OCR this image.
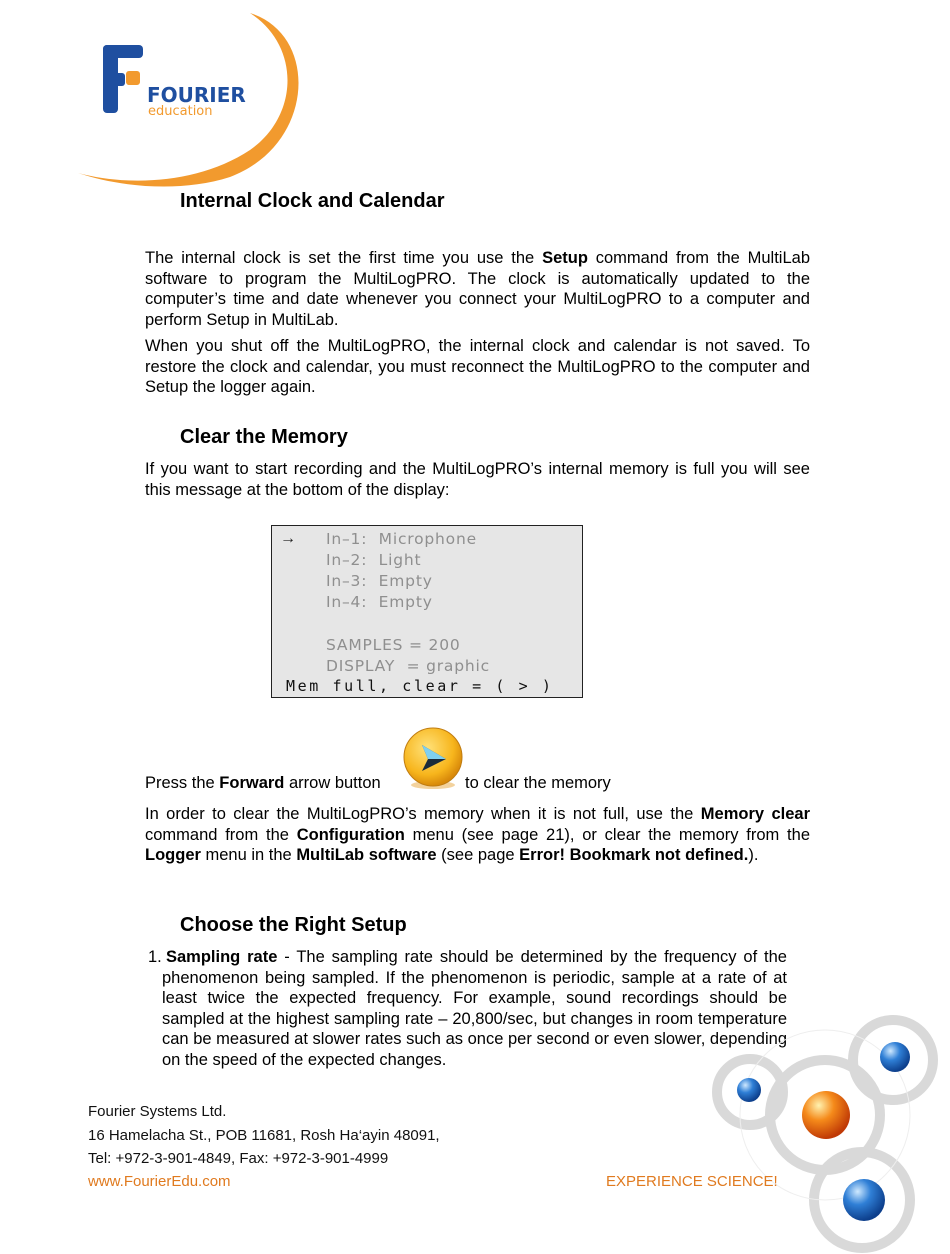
FOURIER
education
Internal Clock and Calendar

The internal clock is set the first time you use the Setup command from the MultiLab software to program the MultiLogPRO. The clock is automatically updated to the computer’s time and date whenever you connect your MultiLogPRO to a computer and perform Setup in MultiLab.

When you shut off the MultiLogPRO, the internal clock and calendar is not saved. To restore the clock and calendar, you must reconnect the MultiLogPRO to the computer and Setup the logger again.

Clear the Memory

If you want to start recording and the MultiLogPRO’s internal memory is full you will see this message at the bottom of the display:

→ In–1:  Microphone
In–2:  Light
In–3:  Empty
In–4:  Empty
SAMPLES = 200
DISPLAY  = graphic
Mem full, clear = ( > )

Press the Forward arrow button	to clear the memory

In order to clear the MultiLogPRO’s memory when it is not full, use the Memory clear command from the Configuration menu (see page 21), or clear the memory from the Logger menu in the MultiLab software (see page Error! Bookmark not defined.).

Choose the Right Setup
1. Sampling rate - The sampling rate should be determined by the frequency of the phenomenon being sampled. If the phenomenon is periodic, sample at a rate of at least twice the expected frequency. For example, sound recordings should be sampled at the highest sampling rate – 20,800/sec, but changes in room temperature can be measured at slower rates such as once per second or even slower, depending on the speed of the expected changes.
Fourier Systems Ltd.
16 Hamelacha St., POB 11681, Rosh Ha‘ayin 48091,
Tel: +972-3-901-4849, Fax: +972-3-901-4999
www.FourierEdu.com	EXPERIENCE SCIENCE!
